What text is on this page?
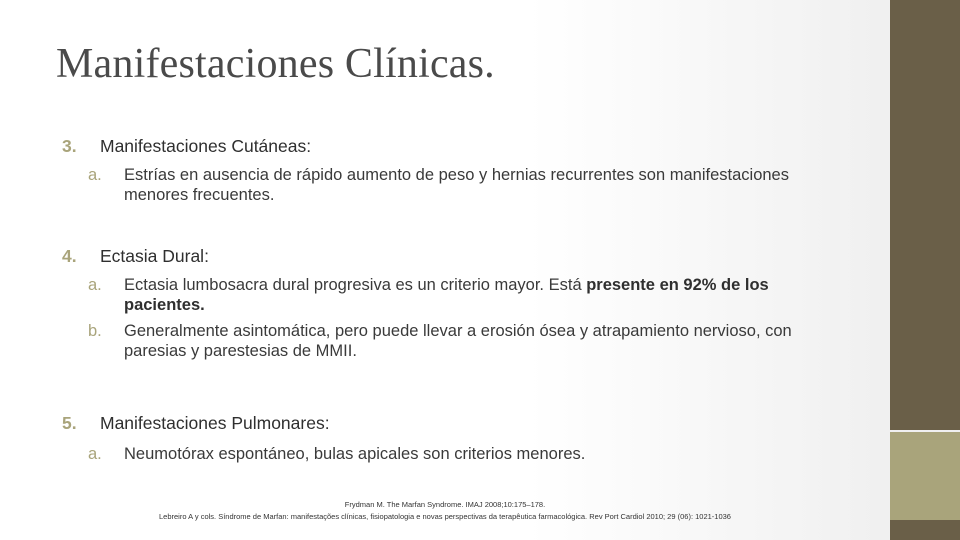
Manifestaciones Clínicas.
3.	Manifestaciones Cutáneas:
a.	Estrías en ausencia de rápido aumento de peso y hernias recurrentes son manifestaciones menores frecuentes.
4.	Ectasia Dural:
a.	Ectasia lumbosacra dural progresiva es un criterio mayor. Está presente en 92% de los pacientes.
b.	Generalmente asintomática, pero puede llevar a erosión ósea y atrapamiento nervioso, con paresias y parestesias de MMII.
5.	Manifestaciones Pulmonares:
a.	Neumotórax espontáneo, bulas apicales son criterios menores.
Frydman M. The Marfan Syndrome. IMAJ 2008;10:175–178.
Lebreiro A y cols. Síndrome de Marfan: manifestações clínicas, fisiopatologia e novas perspectivas da terapêutica farmacológica. Rev Port Cardiol 2010; 29 (06): 1021-1036
